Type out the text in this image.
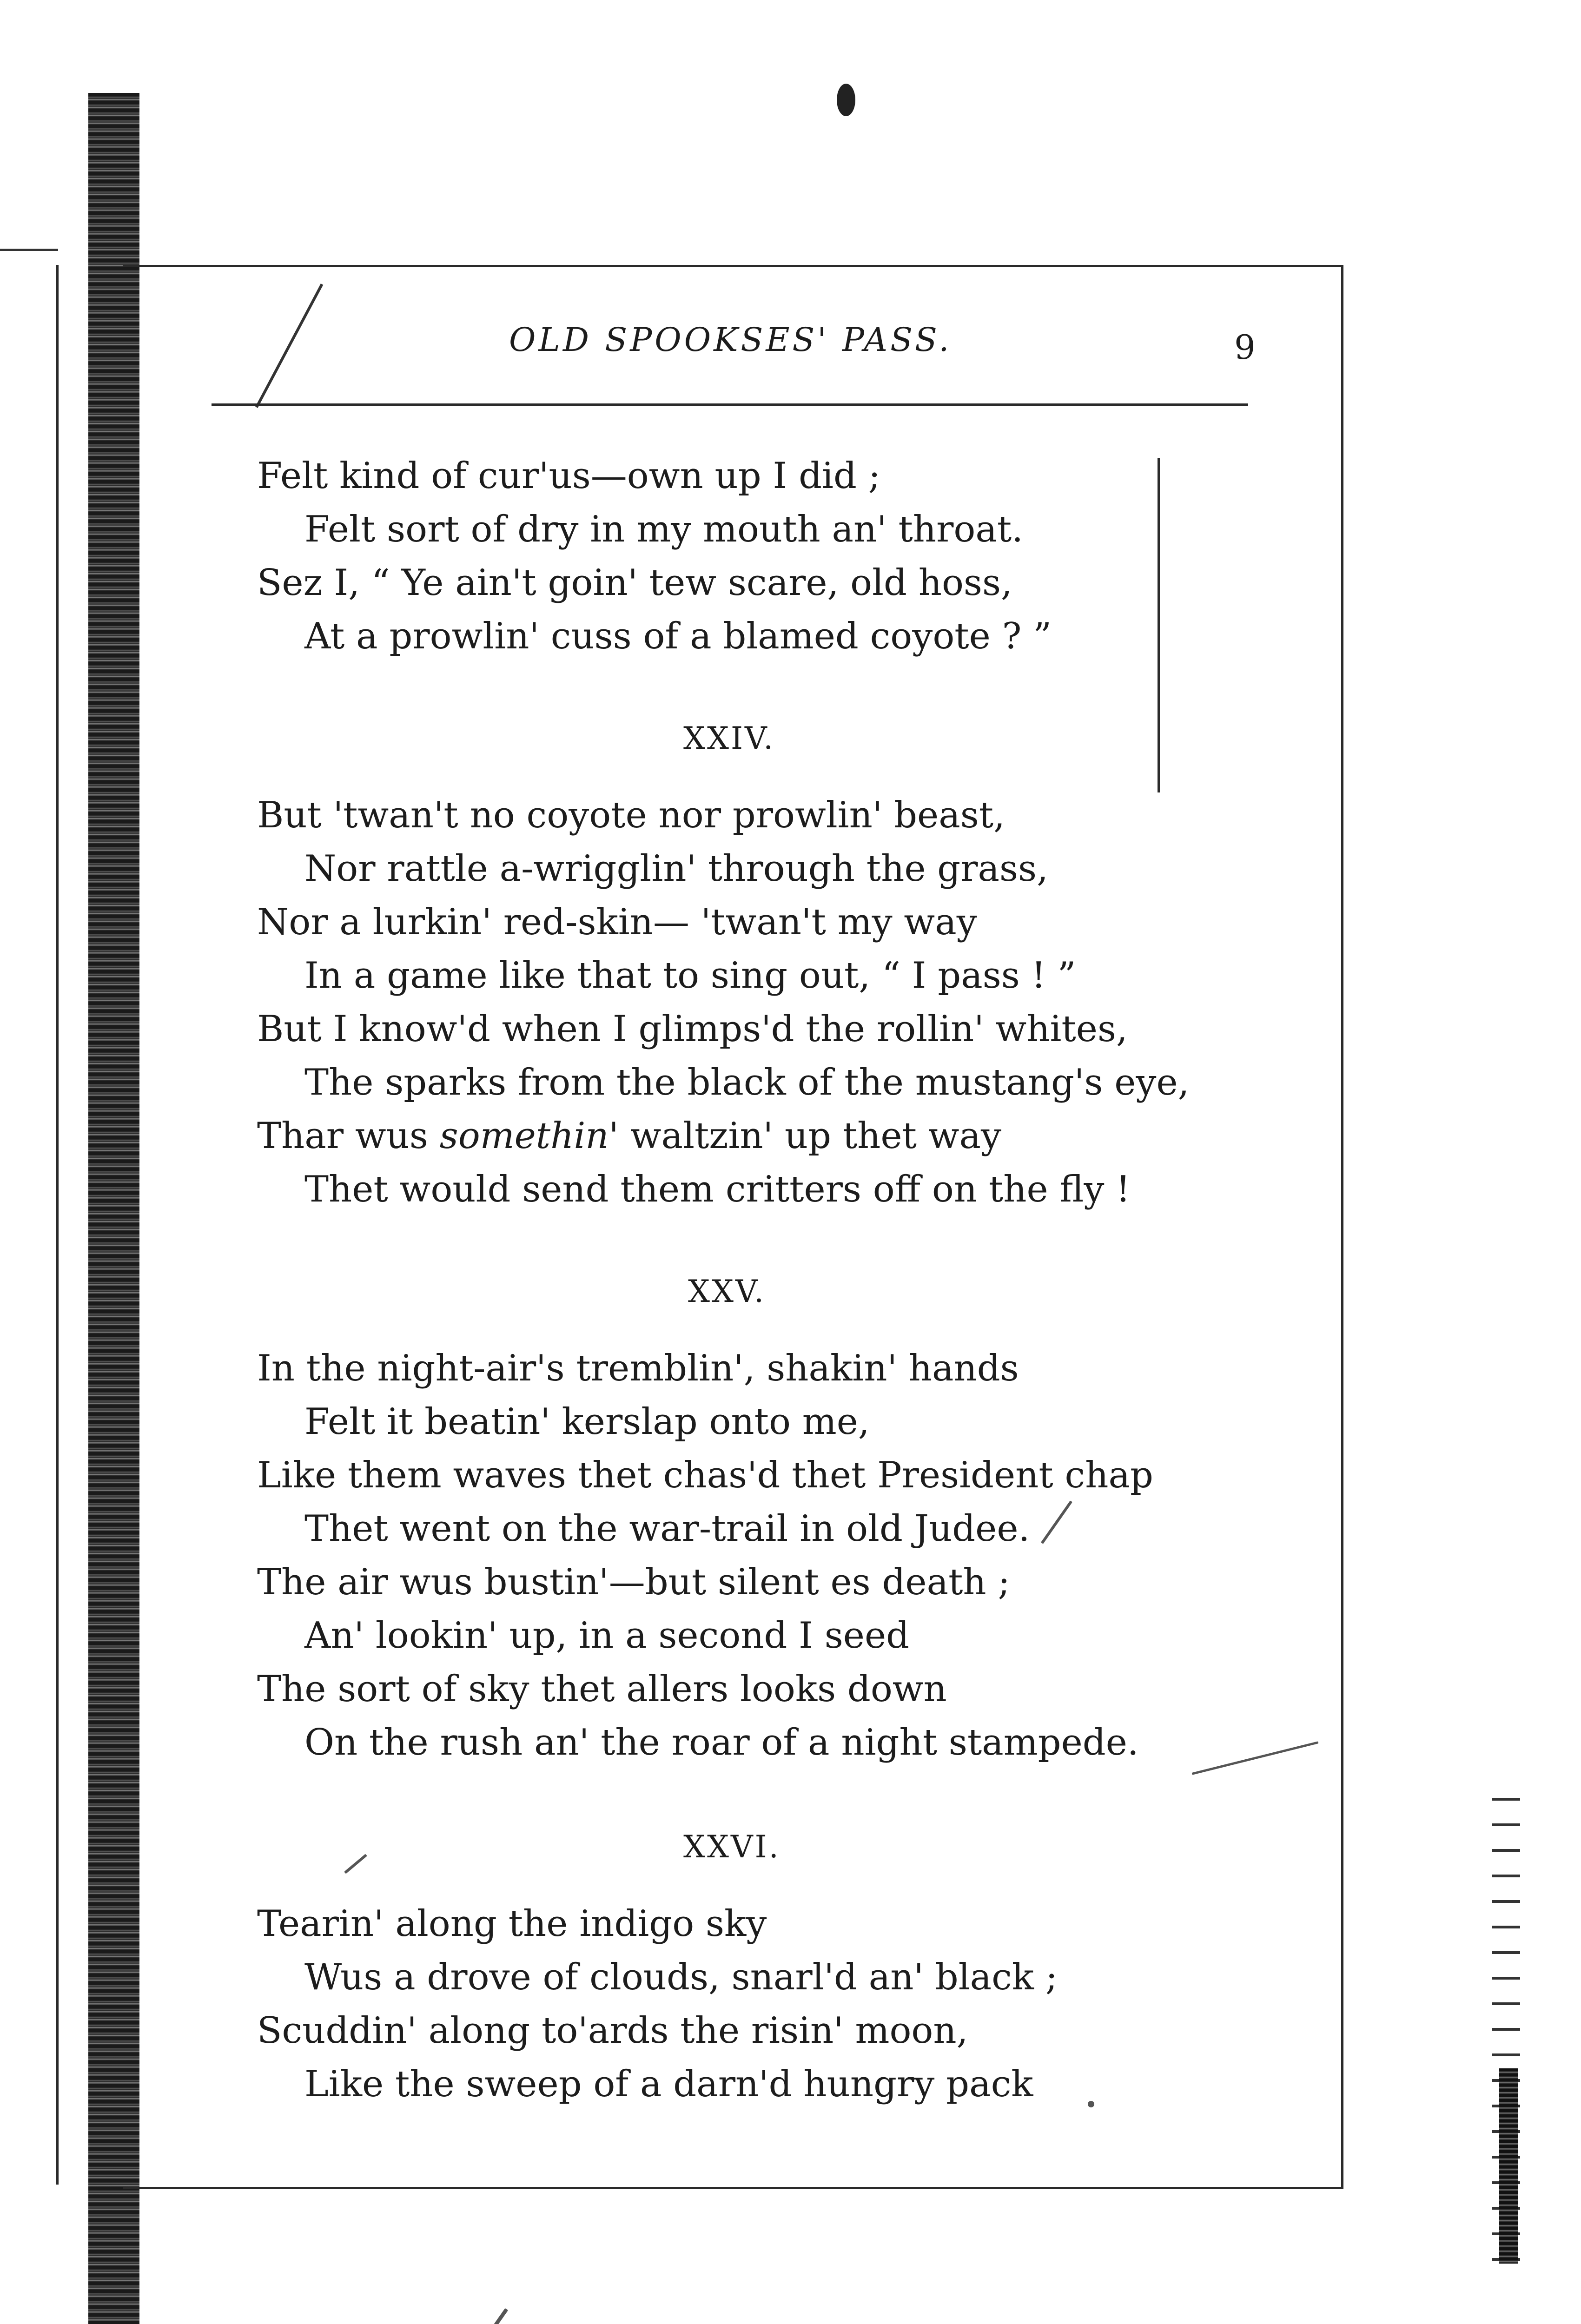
OLD SPOOKSES' PASS.	9
Felt kind of cur'us—own up I did ;
Felt sort of dry in my mouth an' throat.
Sez I, “ Ye ain't goin' tew scare, old hoss,
At a prowlin' cuss of a blamed coyote ? ”
XXIV.
But 'twan't no coyote nor prowlin' beast,
Nor rattle a-wrigglin' through the grass,
Nor a lurkin' red-skin— 'twan't my way
In a game like that to sing out, “ I pass ! ”
But I know'd when I glimps'd the rollin' whites,
The sparks from the black of the mustang's eye,
Thar wus somethin' waltzin' up thet way
Thet would send them critters off on the fly !
XXV.
In the night-air's tremblin', shakin' hands
Felt it beatin' kerslap onto me,
Like them waves thet chas'd thet President chap
Thet went on the war-trail in old Judee.
The air wus bustin'—but silent es death ;
An' lookin' up, in a second I seed
The sort of sky thet allers looks down
On the rush an' the roar of a night stampede.
XXVI.
Tearin' along the indigo sky
Wus a drove of clouds, snarl'd an' black ;
Scuddin' along to'ards the risin' moon,
Like the sweep of a darn'd hungry pack
